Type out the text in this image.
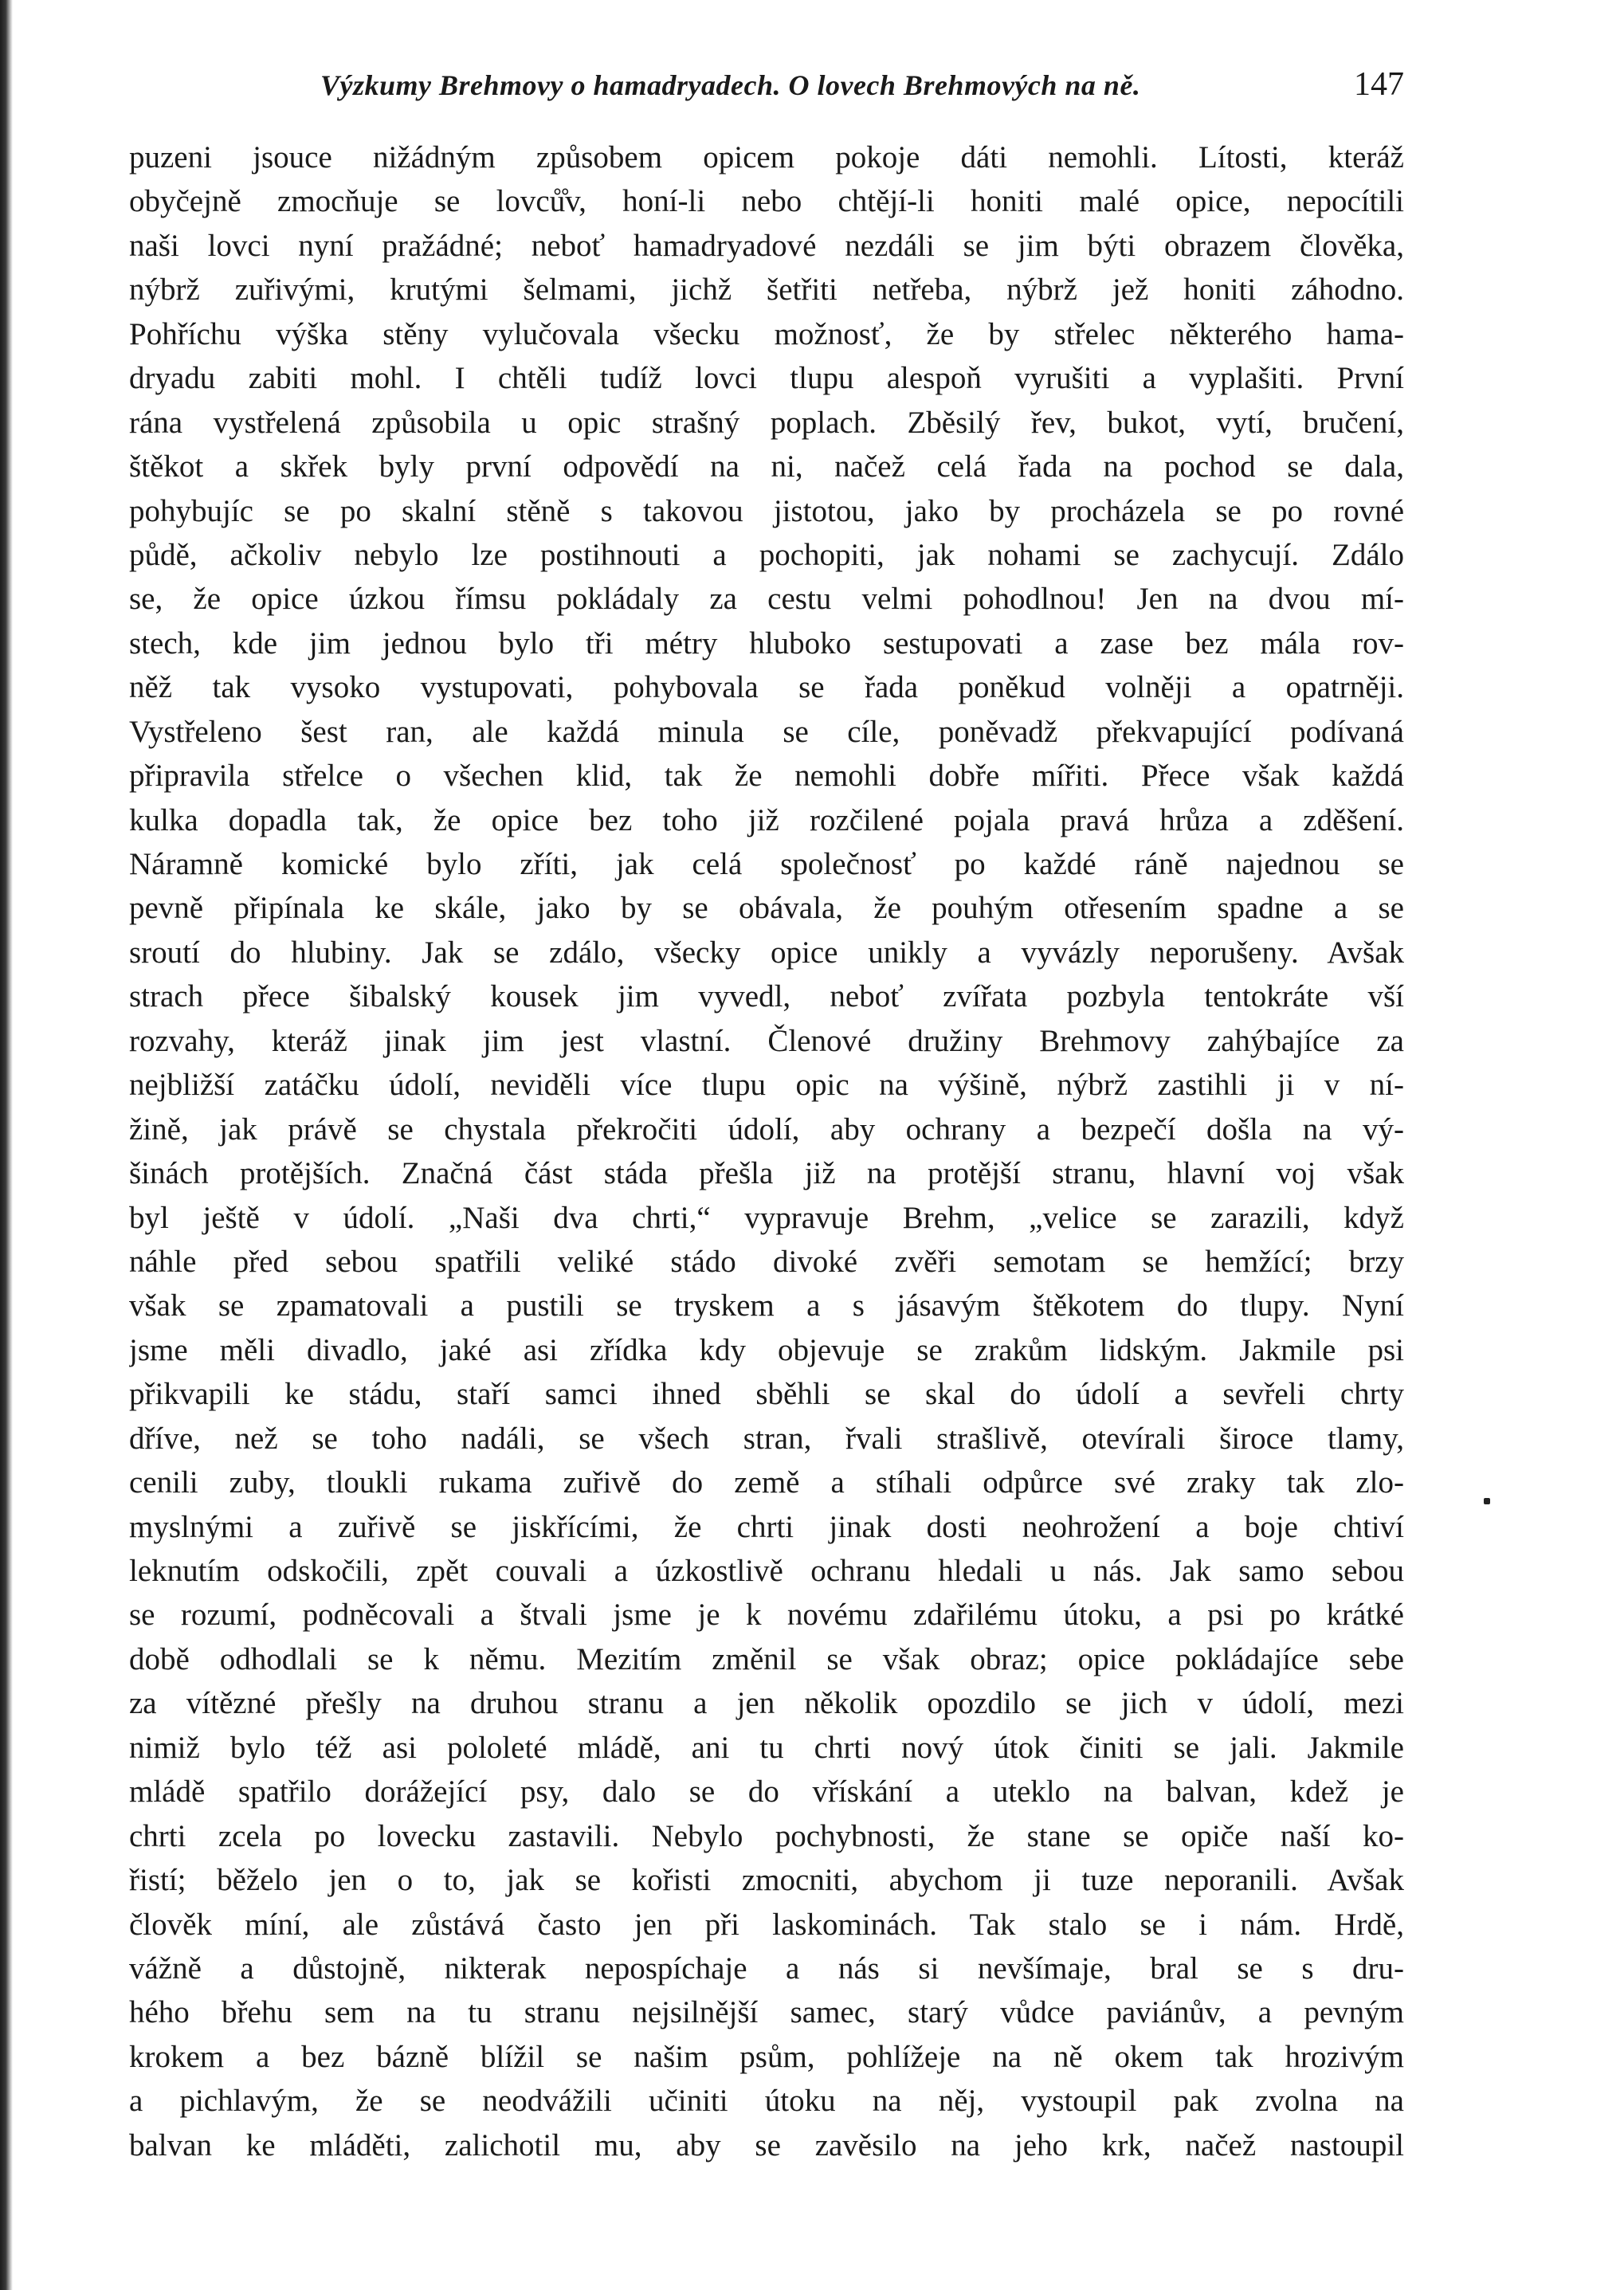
Výzkumy Brehmovy o hamadryadech. O lovech Brehmových na ně.	147
puzeni jsouce nižádným způsobem opicem pokoje dáti nemohli. Lítosti, kteráž
obyčejně zmocňuje se lovců̊v, honí-li nebo chtějí-li honiti malé opice, nepocítili
naši lovci nyní pražádné; neboť hamadryadové nezdáli se jim býti obrazem člověka,
nýbrž zuřivými, krutými šelmami, jichž šetřiti netřeba, nýbrž jež honiti záhodno.
Pohříchu výška stěny vylučovala všecku možnosť, že by střelec některého hama-
dryadu zabiti mohl. I chtěli tudíž lovci tlupu alespoň vyrušiti a vyplašiti. První
rána vystřelená způsobila u opic strašný poplach. Zběsilý řev, bukot, vytí, bručení,
štěkot a skřek byly první odpovědí na ni, načež celá řada na pochod se dala,
pohybujíc se po skalní stěně s takovou jistotou, jako by procházela se po rovné
půdě, ačkoliv nebylo lze postihnouti a pochopiti, jak nohami se zachycují. Zdálo
se, že opice úzkou římsu pokládaly za cestu velmi pohodlnou! Jen na dvou mí-
stech, kde jim jednou bylo tři métry hluboko sestupovati a zase bez mála rov-
něž tak vysoko vystupovati, pohybovala se řada poněkud volněji a opatrněji.
Vystřeleno šest ran, ale každá minula se cíle, poněvadž překvapující podívaná
připravila střelce o všechen klid, tak že nemohli dobře mířiti. Přece však každá
kulka dopadla tak, že opice bez toho již rozčilené pojala pravá hrůza a zděšení.
Náramně komické bylo zříti, jak celá společnosť po každé ráně najednou se
pevně připínala ke skále, jako by se obávala, že pouhým otřesením spadne a se
sroutí do hlubiny. Jak se zdálo, všecky opice unikly a vyvázly neporušeny. Avšak
strach přece šibalský kousek jim vyvedl, neboť zvířata pozbyla tentokráte vší
rozvahy, kteráž jinak jim jest vlastní. Členové družiny Brehmovy zahýbajíce za
nejbližší zatáčku údolí, neviděli více tlupu opic na výšině, nýbrž zastihli ji v ní-
žině, jak právě se chystala překročiti údolí, aby ochrany a bezpečí došla na vý-
šinách protějších. Značná část stáda přešla již na protější stranu, hlavní voj však
byl ještě v údolí. „Naši dva chrti,“ vypravuje Brehm, „velice se zarazili, když
náhle před sebou spatřili veliké stádo divoké zvěři semotam se hemžící; brzy
však se zpamatovali a pustili se tryskem a s jásavým štěkotem do tlupy. Nyní
jsme měli divadlo, jaké asi zřídka kdy objevuje se zrakům lidským. Jakmile psi
přikvapili ke stádu, staří samci ihned sběhli se skal do údolí a sevřeli chrty
dříve, než se toho nadáli, se všech stran, řvali strašlivě, otevírali široce tlamy,
cenili zuby, tloukli rukama zuřivě do země a stíhali odpůrce své zraky tak zlo-
myslnými a zuřivě se jiskřícími, že chrti jinak dosti neohrožení a boje chtiví
leknutím odskočili, zpět couvali a úzkostlivě ochranu hledali u nás. Jak samo sebou
se rozumí, podněcovali a štvali jsme je k novému zdařilému útoku, a psi po krátké
době odhodlali se k němu. Mezitím změnil se však obraz; opice pokládajíce sebe
za vítězné přešly na druhou stranu a jen několik opozdilo se jich v údolí, mezi
nimiž bylo též asi pololeté mládě, ani tu chrti nový útok činiti se jali. Jakmile
mládě spatřilo dorážející psy, dalo se do vřískání a uteklo na balvan, kdež je
chrti zcela po lovecku zastavili. Nebylo pochybnosti, že stane se opiče naší ko-
řistí; běželo jen o to, jak se kořisti zmocniti, abychom ji tuze neporanili. Avšak
člověk míní, ale zůstává často jen při laskominách. Tak stalo se i nám. Hrdě,
vážně a důstojně, nikterak nepospíchaje a nás si nevšímaje, bral se s dru-
hého břehu sem na tu stranu nejsilnější samec, starý vůdce paviánův, a pevným
krokem a bez bázně blížil se našim psům, pohlížeje na ně okem tak hrozivým
a pichlavým, že se neodvážili učiniti útoku na něj, vystoupil pak zvolna na
balvan ke mláděti, zalichotil mu, aby se zavěsilo na jeho krk, načež nastoupil
